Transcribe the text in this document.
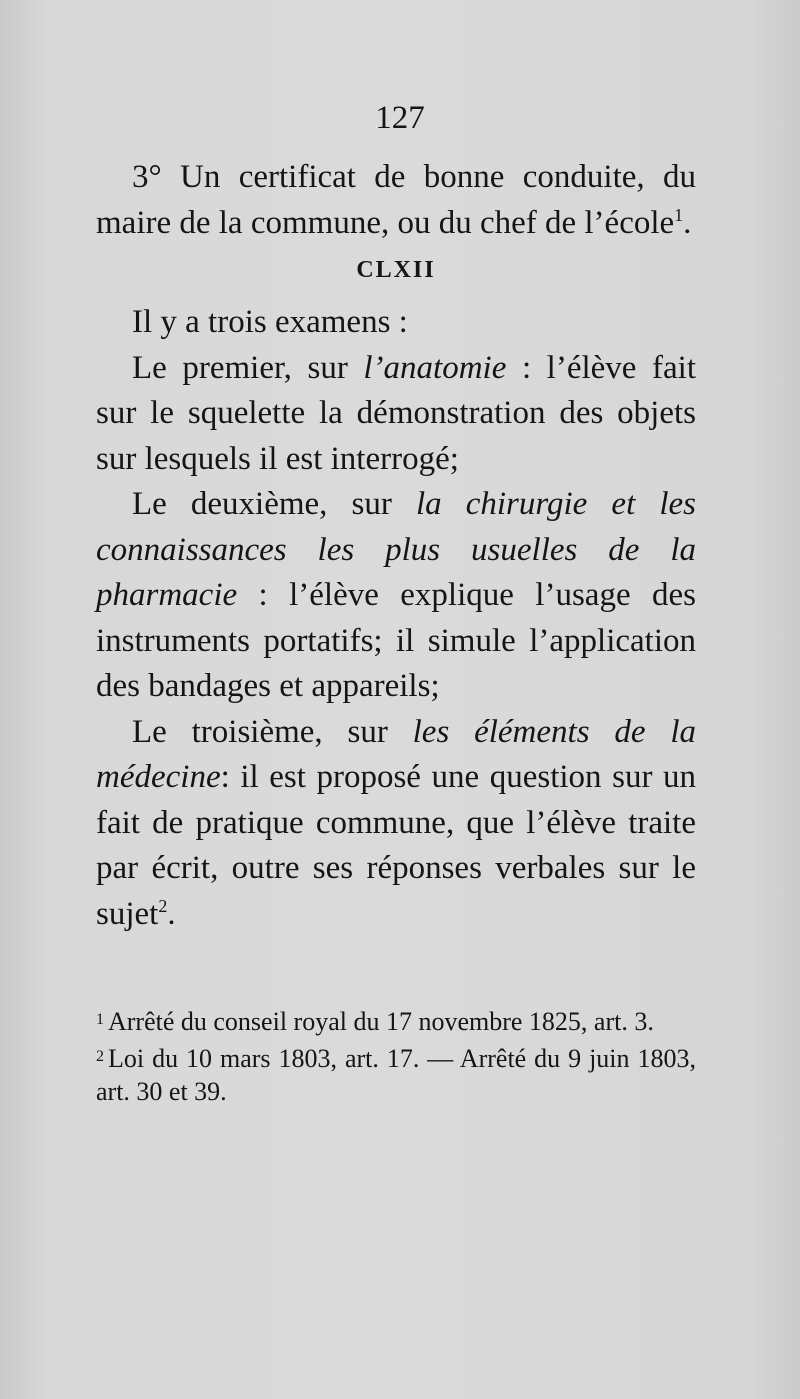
127

3° Un certificat de bonne conduite, du maire de la commune, ou du chef de l’école$^1$.

CLXII

Il y a trois examens :

Le premier, sur l’anatomie : l’élève fait sur le squelette la démonstration des objets sur lesquels il est interrogé;

Le deuxième, sur la chirurgie et les connaissances les plus usuelles de la pharmacie : l’élève explique l’usage des instruments portatifs; il simule l’application des bandages et appareils;

Le troisième, sur les éléments de la médecine: il est proposé une question sur un fait de pratique commune, que l’élève traite par écrit, outre ses réponses verbales sur le sujet$^2$.

$^1$ Arrêté du conseil royal du 17 novembre 1825, art. 3.

$^2$ Loi du 10 mars 1803, art. 17. — Arrêté du 9 juin 1803, art. 30 et 39.
